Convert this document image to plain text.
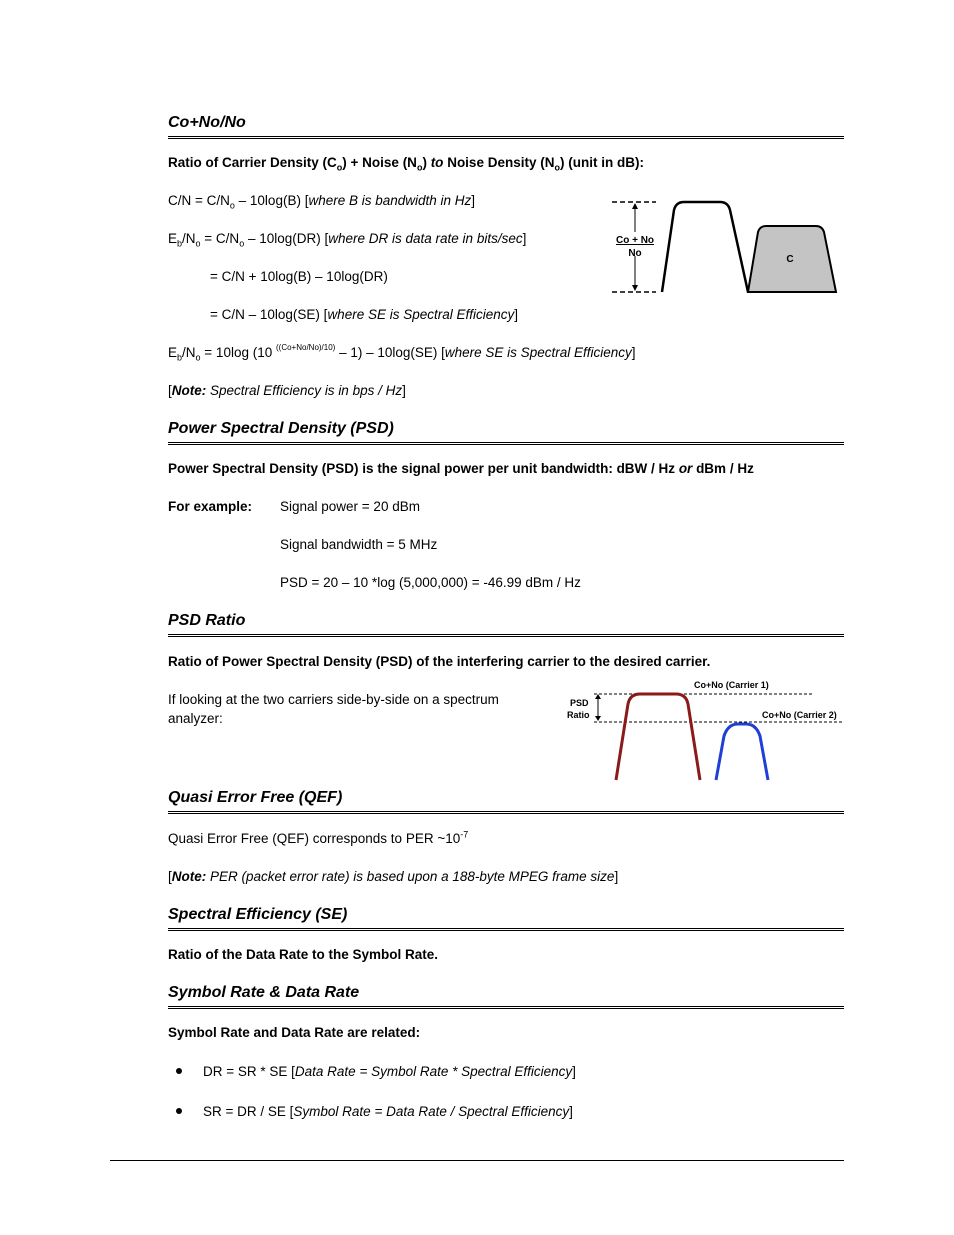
Co+No/No
Ratio of Carrier Density $(C_o)$ + Noise $(N_o)$ to Noise Density $(N_o)$ (unit in dB):
$C/N = C/N_o - 10\log(B)$ [where B is bandwidth in Hz]
$E_b/N_o = C/N_o - 10\log(DR)$ [where DR is data rate in bits/sec]
= C/N + 10log(B) – 10log(DR)
= C/N – 10log(SE) [where SE is Spectral Efficiency]
$E_b/N_o = 10\log$ (10 $^{((Co+No/No)/10)}$ – 1) – 10log(SE) [where SE is Spectral Efficiency]
[Note: Spectral Efficiency is in bps / Hz]
Co + No
No
C
Power Spectral Density (PSD)
Power Spectral Density (PSD) is the signal power per unit bandwidth: dBW / Hz or dBm / Hz
For example: Signal power = 20 dBm
Signal bandwidth = 5 MHz
PSD = 20 – 10 *log (5,000,000) = -46.99 dBm / Hz
PSD Ratio
Ratio of Power Spectral Density (PSD) of the interfering carrier to the desired carrier.
If looking at the two carriers side-by-side on a spectrum
analyzer:
PSD
Ratio
Co+No (Carrier 1)
Co+No (Carrier 2)
Quasi Error Free (QEF)
Quasi Error Free (QEF) corresponds to PER $\sim 10^{-7}$
[Note: PER (packet error rate) is based upon a 188-byte MPEG frame size]
Spectral Efficiency (SE)
Ratio of the Data Rate to the Symbol Rate.
Symbol Rate & Data Rate
Symbol Rate and Data Rate are related:
DR = SR * SE [Data Rate = Symbol Rate * Spectral Efficiency]
SR = DR / SE [Symbol Rate = Data Rate / Spectral Efficiency]
